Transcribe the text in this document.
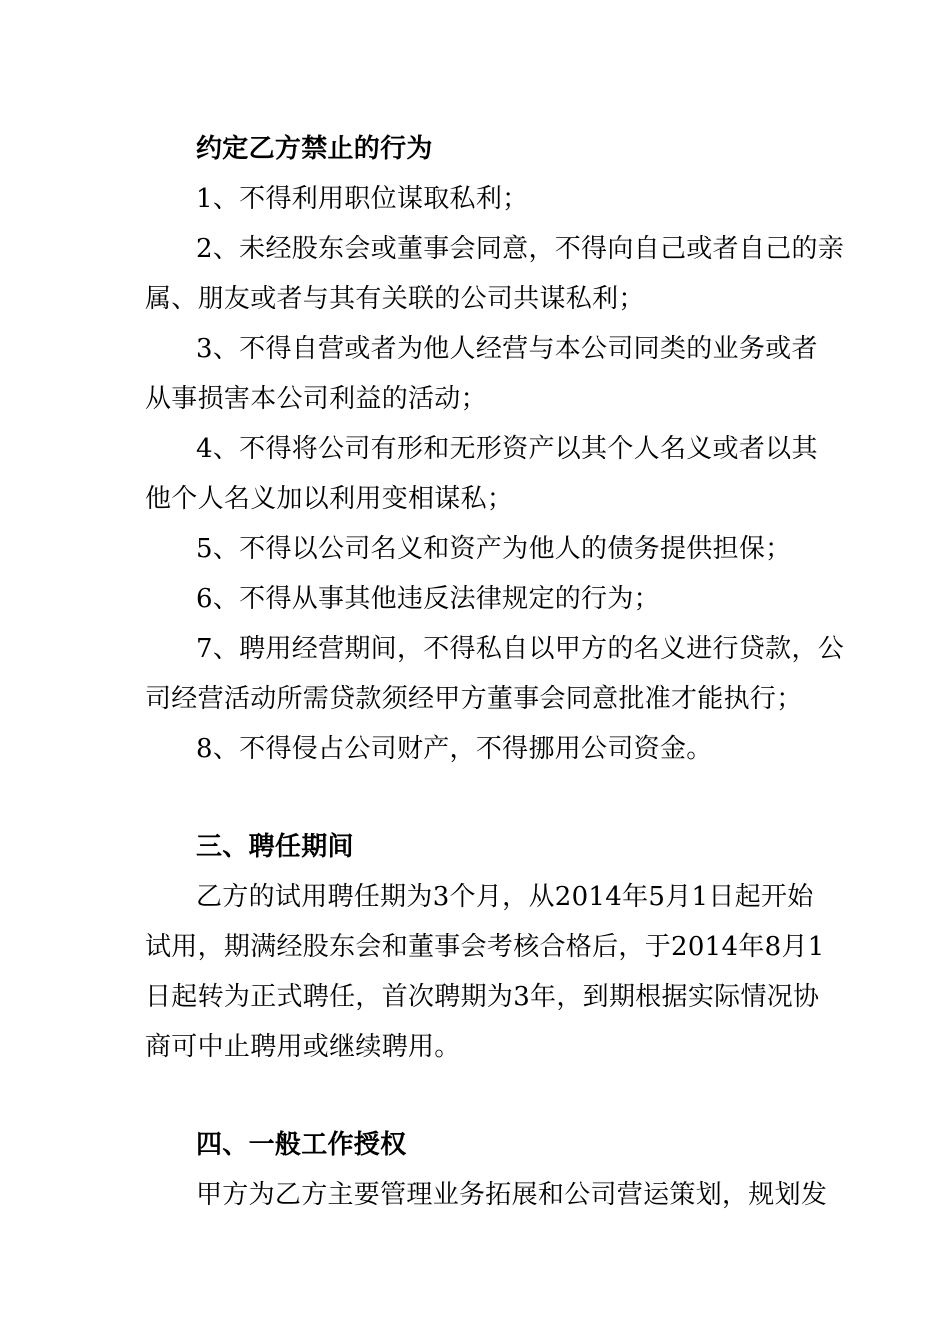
约定乙方禁止的行为
1、不得利用职位谋取私利；
2、未经股东会或董事会同意，不得向自己或者自己的亲
属、朋友或者与其有关联的公司共谋私利；
3、不得自营或者为他人经营与本公司同类的业务或者
从事损害本公司利益的活动；
4、不得将公司有形和无形资产以其个人名义或者以其
他个人名义加以利用变相谋私；
5、不得以公司名义和资产为他人的债务提供担保；
6、不得从事其他违反法律规定的行为；
7、聘用经营期间，不得私自以甲方的名义进行贷款，公
司经营活动所需贷款须经甲方董事会同意批准才能执行；
8、不得侵占公司财产，不得挪用公司资金。
三、聘任期间
乙方的试用聘任期为3个月，从2014年5月1日起开始
试用，期满经股东会和董事会考核合格后，于2014年8月1
日起转为正式聘任，首次聘期为3年，到期根据实际情况协
商可中止聘用或继续聘用。
四、一般工作授权
甲方为乙方主要管理业务拓展和公司营运策划，规划发
